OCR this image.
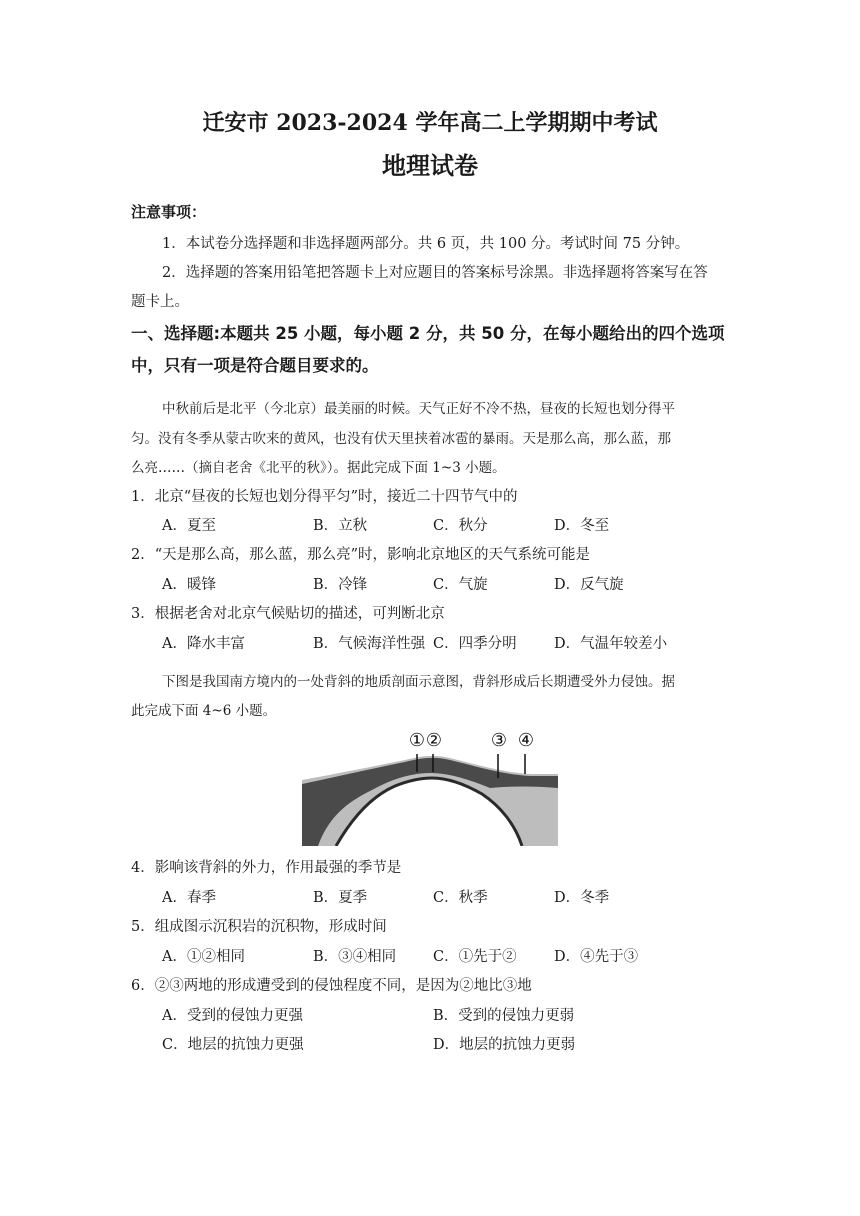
迁安市 2023-2024 学年高二上学期期中考试
地理试卷
注意事项：
1．本试卷分选择题和非选择题两部分。共 6 页，共 100 分。考试时间 75 分钟。
2．选择题的答案用铅笔把答题卡上对应题目的答案标号涂黑。非选择题将答案写在答
题卡上。
一、选择题:本题共 25 小题，每小题 2 分，共 50 分，在每小题给出的四个选项
中，只有一项是符合题目要求的。
中秋前后是北平（今北京）最美丽的时候。天气正好不冷不热，昼夜的长短也划分得平
匀。没有冬季从蒙古吹来的黄风，也没有伏天里挟着冰雹的暴雨。天是那么高，那么蓝，那
么亮……（摘自老舍《北平的秋》）。据此完成下面 1~3 小题。
1．北京“昼夜的长短也划分得平匀”时，接近二十四节气中的
A．夏至	B．立秋	C．秋分	D．冬至
2．“天是那么高，那么蓝，那么亮”时，影响北京地区的天气系统可能是
A．暖锋	B．冷锋	C．气旋	D．反气旋
3．根据老舍对北京气候贴切的描述，可判断北京
A．降水丰富	B．气候海洋性强 C．四季分明	D．气温年较差小
下图是我国南方境内的一处背斜的地质剖面示意图，背斜形成后长期遭受外力侵蚀。据
此完成下面 4~6 小题。
① ②	③ ④
4．影响该背斜的外力，作用最强的季节是
A．春季	B．夏季	C．秋季	D．冬季
5．组成图示沉积岩的沉积物，形成时间
A．①②相同	B．③④相同	C．①先于②	D．④先于③
6．②③两地的形成遭受到的侵蚀程度不同，是因为②地比③地
A．受到的侵蚀力更强	B．受到的侵蚀力更弱
C．地层的抗蚀力更强	D．地层的抗蚀力更弱
